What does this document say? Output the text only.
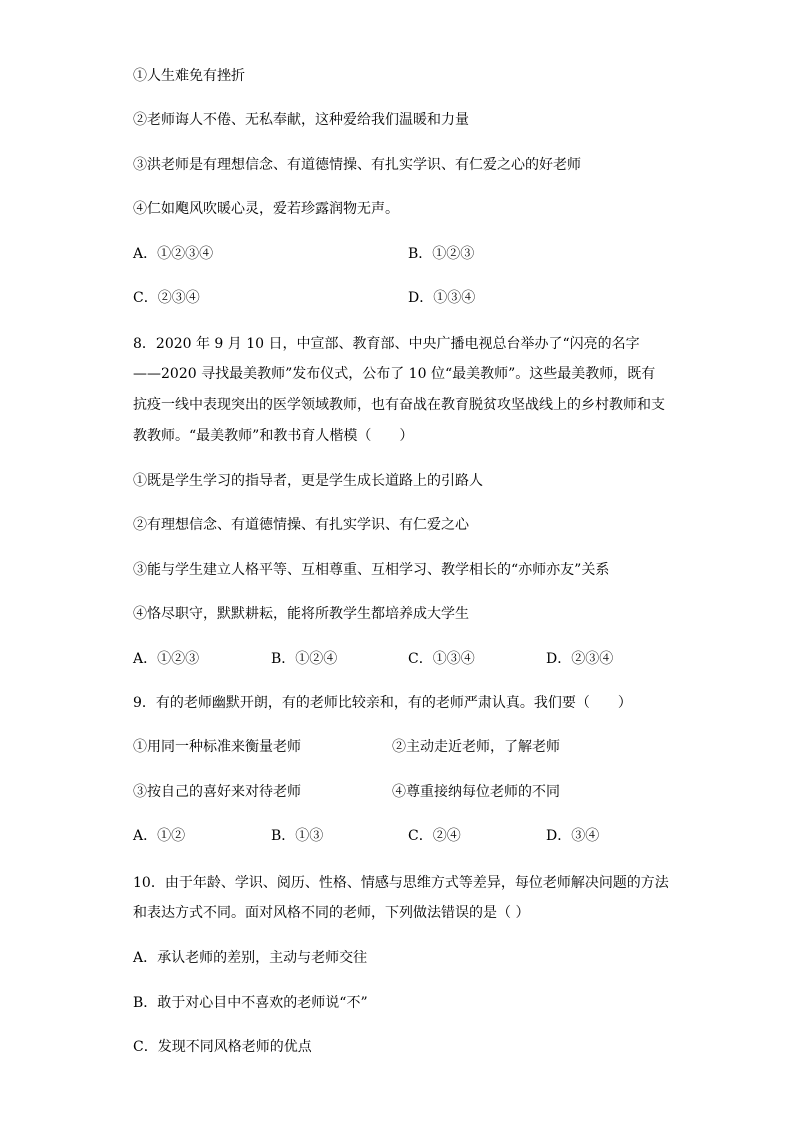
①人生难免有挫折
②老师诲人不倦、无私奉献，这种爱给我们温暖和力量
③洪老师是有理想信念、有道德情操、有扎实学识、有仁爱之心的好老师
④仁如飑风吹暖心灵，爱若珍露润物无声。
A．①②③④	B．①②③
C．②③④	D．①③④
8．2020 年 9 月 10 日，中宣部、教育部、中央广播电视总台举办了“闪亮的名字
——2020 寻找最美教师”发布仪式，公布了 10 位“最美教师”。这些最美教师，既有
抗疫一线中表现突出的医学领域教师，也有奋战在教育脱贫攻坚战线上的乡村教师和支
教教师。“最美教师”和教书育人楷模（　　）
①既是学生学习的指导者，更是学生成长道路上的引路人
②有理想信念、有道德情操、有扎实学识、有仁爱之心
③能与学生建立人格平等、互相尊重、互相学习、教学相长的“亦师亦友”关系
④恪尽职守，默默耕耘，能将所教学生都培养成大学生
A．①②③	B．①②④	C．①③④	D．②③④
9．有的老师幽默开朗，有的老师比较亲和，有的老师严肃认真。我们要（　　）
①用同一种标准来衡量老师	②主动走近老师，了解老师
③按自己的喜好来对待老师	④尊重接纳每位老师的不同
A．①②	B．①③	C．②④	D．③④
10．由于年龄、学识、阅历、性格、情感与思维方式等差异，每位老师解决问题的方法
和表达方式不同。面对风格不同的老师，下列做法错误的是（ ）
A．承认老师的差别，主动与老师交往
B．敢于对心目中不喜欢的老师说“不”
C．发现不同风格老师的优点
